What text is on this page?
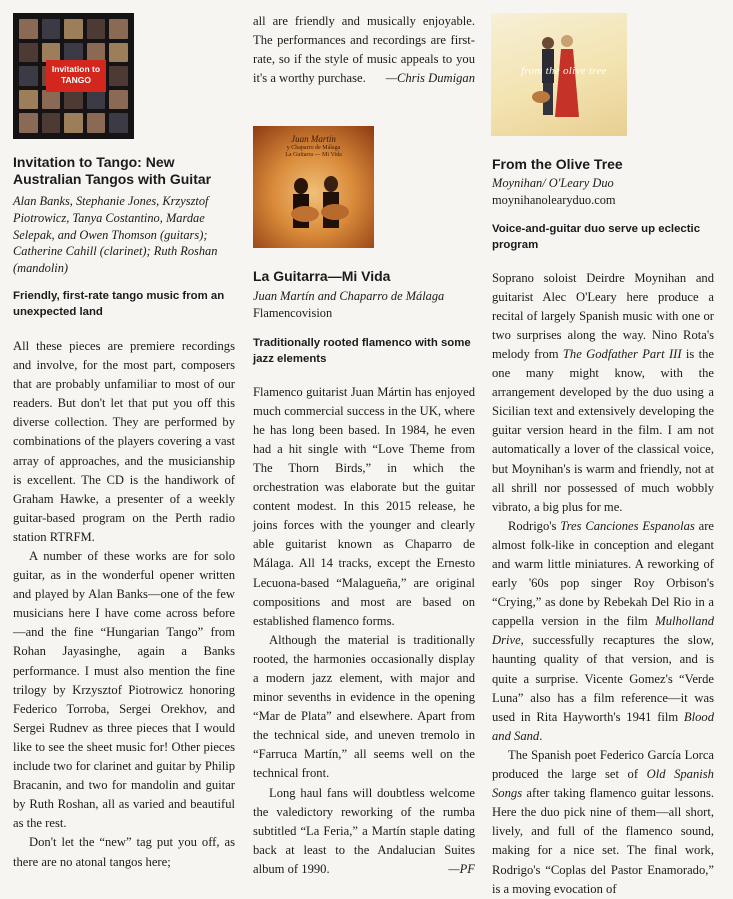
Invitation to TANGO
Juan Martín
y Chaparro de Málaga
La Guitarra — Mi Vida
from the olive tree
Invitation to Tango: New Australian Tangos with Guitar

Alan Banks, Stephanie Jones, Krzysztof Piotrowicz, Tanya Costantino, Mardae Selepak, and Owen Thomson (guitars); Catherine Cahill (clarinet); Ruth Roshan (mandolin)

Friendly, first-rate tango music from an unexpected land

All these pieces are premiere recordings and involve, for the most part, composers that are probably unfamiliar to most of our readers. But don't let that put you off this diverse collection. They are performed by combinations of the players covering a vast array of approaches, and the musicianship is excellent. The CD is the handiwork of Graham Hawke, a presenter of a weekly guitar-based program on the Perth radio station RTRFM.

A number of these works are for solo guitar, as in the wonderful opener written and played by Alan Banks—one of the few musicians here I have come across before—and the fine “Hungarian Tango” from Rohan Jayasinghe, again a Banks performance. I must also mention the fine trilogy by Krzysztof Piotrowicz honoring Federico Torroba, Sergei Orekhov, and Sergei Rudnev as three pieces that I would like to see the sheet music for! Other pieces include two for clarinet and guitar by Philip Bracanin, and two for mandolin and guitar by Ruth Roshan, all as varied and beautiful as the rest.

Don't let the “new” tag put you off, as there are no atonal tangos here;

all are friendly and musically enjoyable. The performances and recordings are first-rate, so if the style of music appeals to you it's a worthy purchase. —Chris Dumigan

La Guitarra—Mi Vida

Juan Martín and Chaparro de Málaga

Flamencovision

Traditionally rooted flamenco with some jazz elements

Flamenco guitarist Juan Mártin has enjoyed much commercial success in the UK, where he has long been based. In 1984, he even had a hit single with “Love Theme from The Thorn Birds,” in which the orchestration was elaborate but the guitar content modest. In this 2015 release, he joins forces with the younger and clearly able guitarist known as Chaparro de Málaga. All 14 tracks, except the Ernesto Lecuona-based “Malagueña,” are original compositions and most are based on established flamenco forms.

Although the material is traditionally rooted, the harmonies occasionally display a modern jazz element, with major and minor sevenths in evidence in the opening “Mar de Plata” and elsewhere. Apart from the technical side, and uneven tremolo in “Farruca Martín,” all seems well on the technical front.

Long haul fans will doubtless welcome the valedictory reworking of the rumba subtitled “La Feria,” a Martín staple dating back at least to the Andalucian Suites album of 1990.	—PF

From the Olive Tree

Moynihan/ O'Leary Duo

moynihanolearyduo.com

Voice-and-guitar duo serve up eclectic program

Soprano soloist Deirdre Moynihan and guitarist Alec O'Leary here produce a recital of largely Spanish music with one or two surprises along the way. Nino Rota's melody from The Godfather Part III is the one many might know, with the arrangement developed by the duo using a Sicilian text and extensively developing the guitar version heard in the film. I am not automatically a lover of the classical voice, but Moynihan's is warm and friendly, not at all shrill nor possessed of much wobbly vibrato, a big plus for me.

Rodrigo's Tres Canciones Espanolas are almost folk-like in conception and elegant and warm little miniatures. A reworking of early '60s pop singer Roy Orbison's “Crying,” as done by Rebekah Del Rio in a cappella version in the film Mulholland Drive, successfully recaptures the slow, haunting quality of that version, and is quite a surprise. Vicente Gomez's “Verde Luna” also has a film reference—it was used in Rita Hayworth's 1941 film Blood and Sand.

The Spanish poet Federico García Lorca produced the large set of Old Spanish Songs after taking flamenco guitar lessons. Here the duo pick nine of them—all short, lively, and full of the flamenco sound, making for a nice set. The final work, Rodrigo's “Coplas del Pastor Enamorado,” is a moving evocation of
